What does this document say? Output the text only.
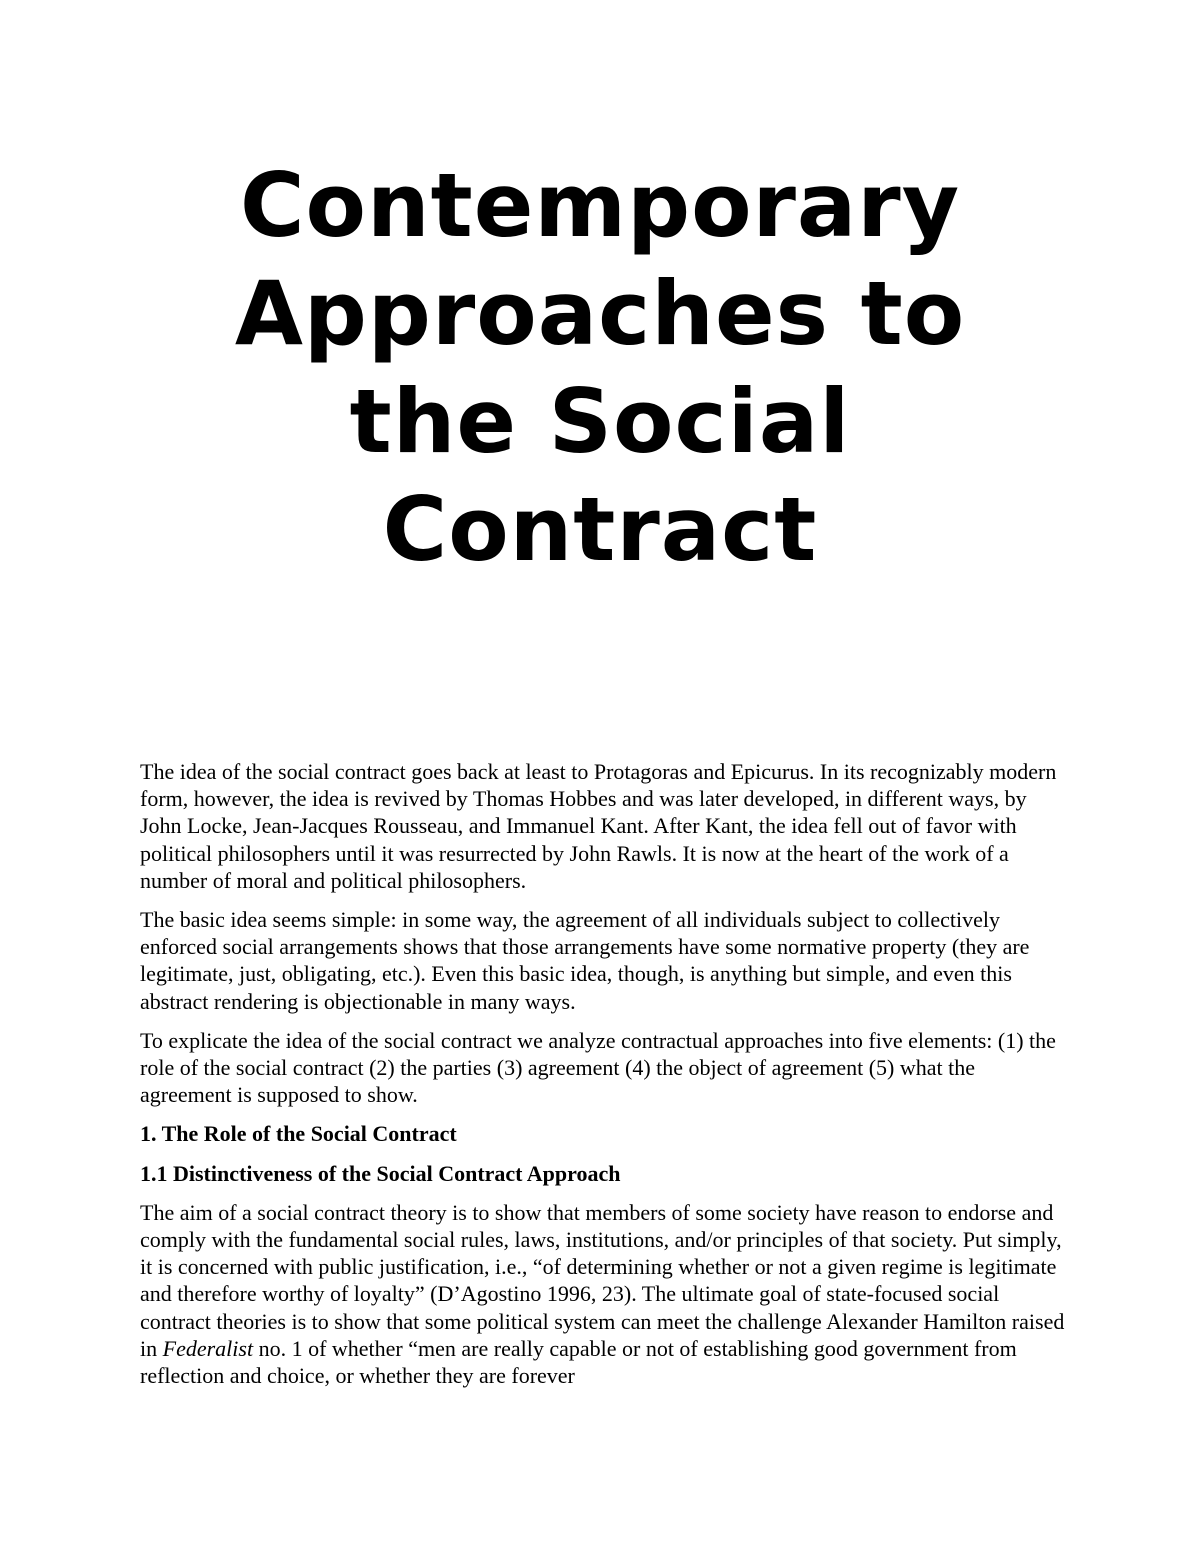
Contemporary
Approaches to
the Social
Contract

The idea of the social contract goes back at least to Protagoras and Epicurus. In its recognizably modern form, however, the idea is revived by Thomas Hobbes and was later developed, in different ways, by John Locke, Jean-Jacques Rousseau, and Immanuel Kant. After Kant, the idea fell out of favor with political philosophers until it was resurrected by John Rawls. It is now at the heart of the work of a number of moral and political philosophers.

The basic idea seems simple: in some way, the agreement of all individuals subject to collectively enforced social arrangements shows that those arrangements have some normative property (they are legitimate, just, obligating, etc.). Even this basic idea, though, is anything but simple, and even this abstract rendering is objectionable in many ways.

To explicate the idea of the social contract we analyze contractual approaches into five elements: (1) the role of the social contract (2) the parties (3) agreement (4) the object of agreement (5) what the agreement is supposed to show.

1. The Role of the Social Contract
1.1 Distinctiveness of the Social Contract Approach

The aim of a social contract theory is to show that members of some society have reason to endorse and comply with the fundamental social rules, laws, institutions, and/or principles of that society. Put simply, it is concerned with public justification, i.e., “of determining whether or not a given regime is legitimate and therefore worthy of loyalty” (D’Agostino 1996, 23). The ultimate goal of state-focused social contract theories is to show that some political system can meet the challenge Alexander Hamilton raised in Federalist no. 1 of whether “men are really capable or not of establishing good government from reflection and choice, or whether they are forever
